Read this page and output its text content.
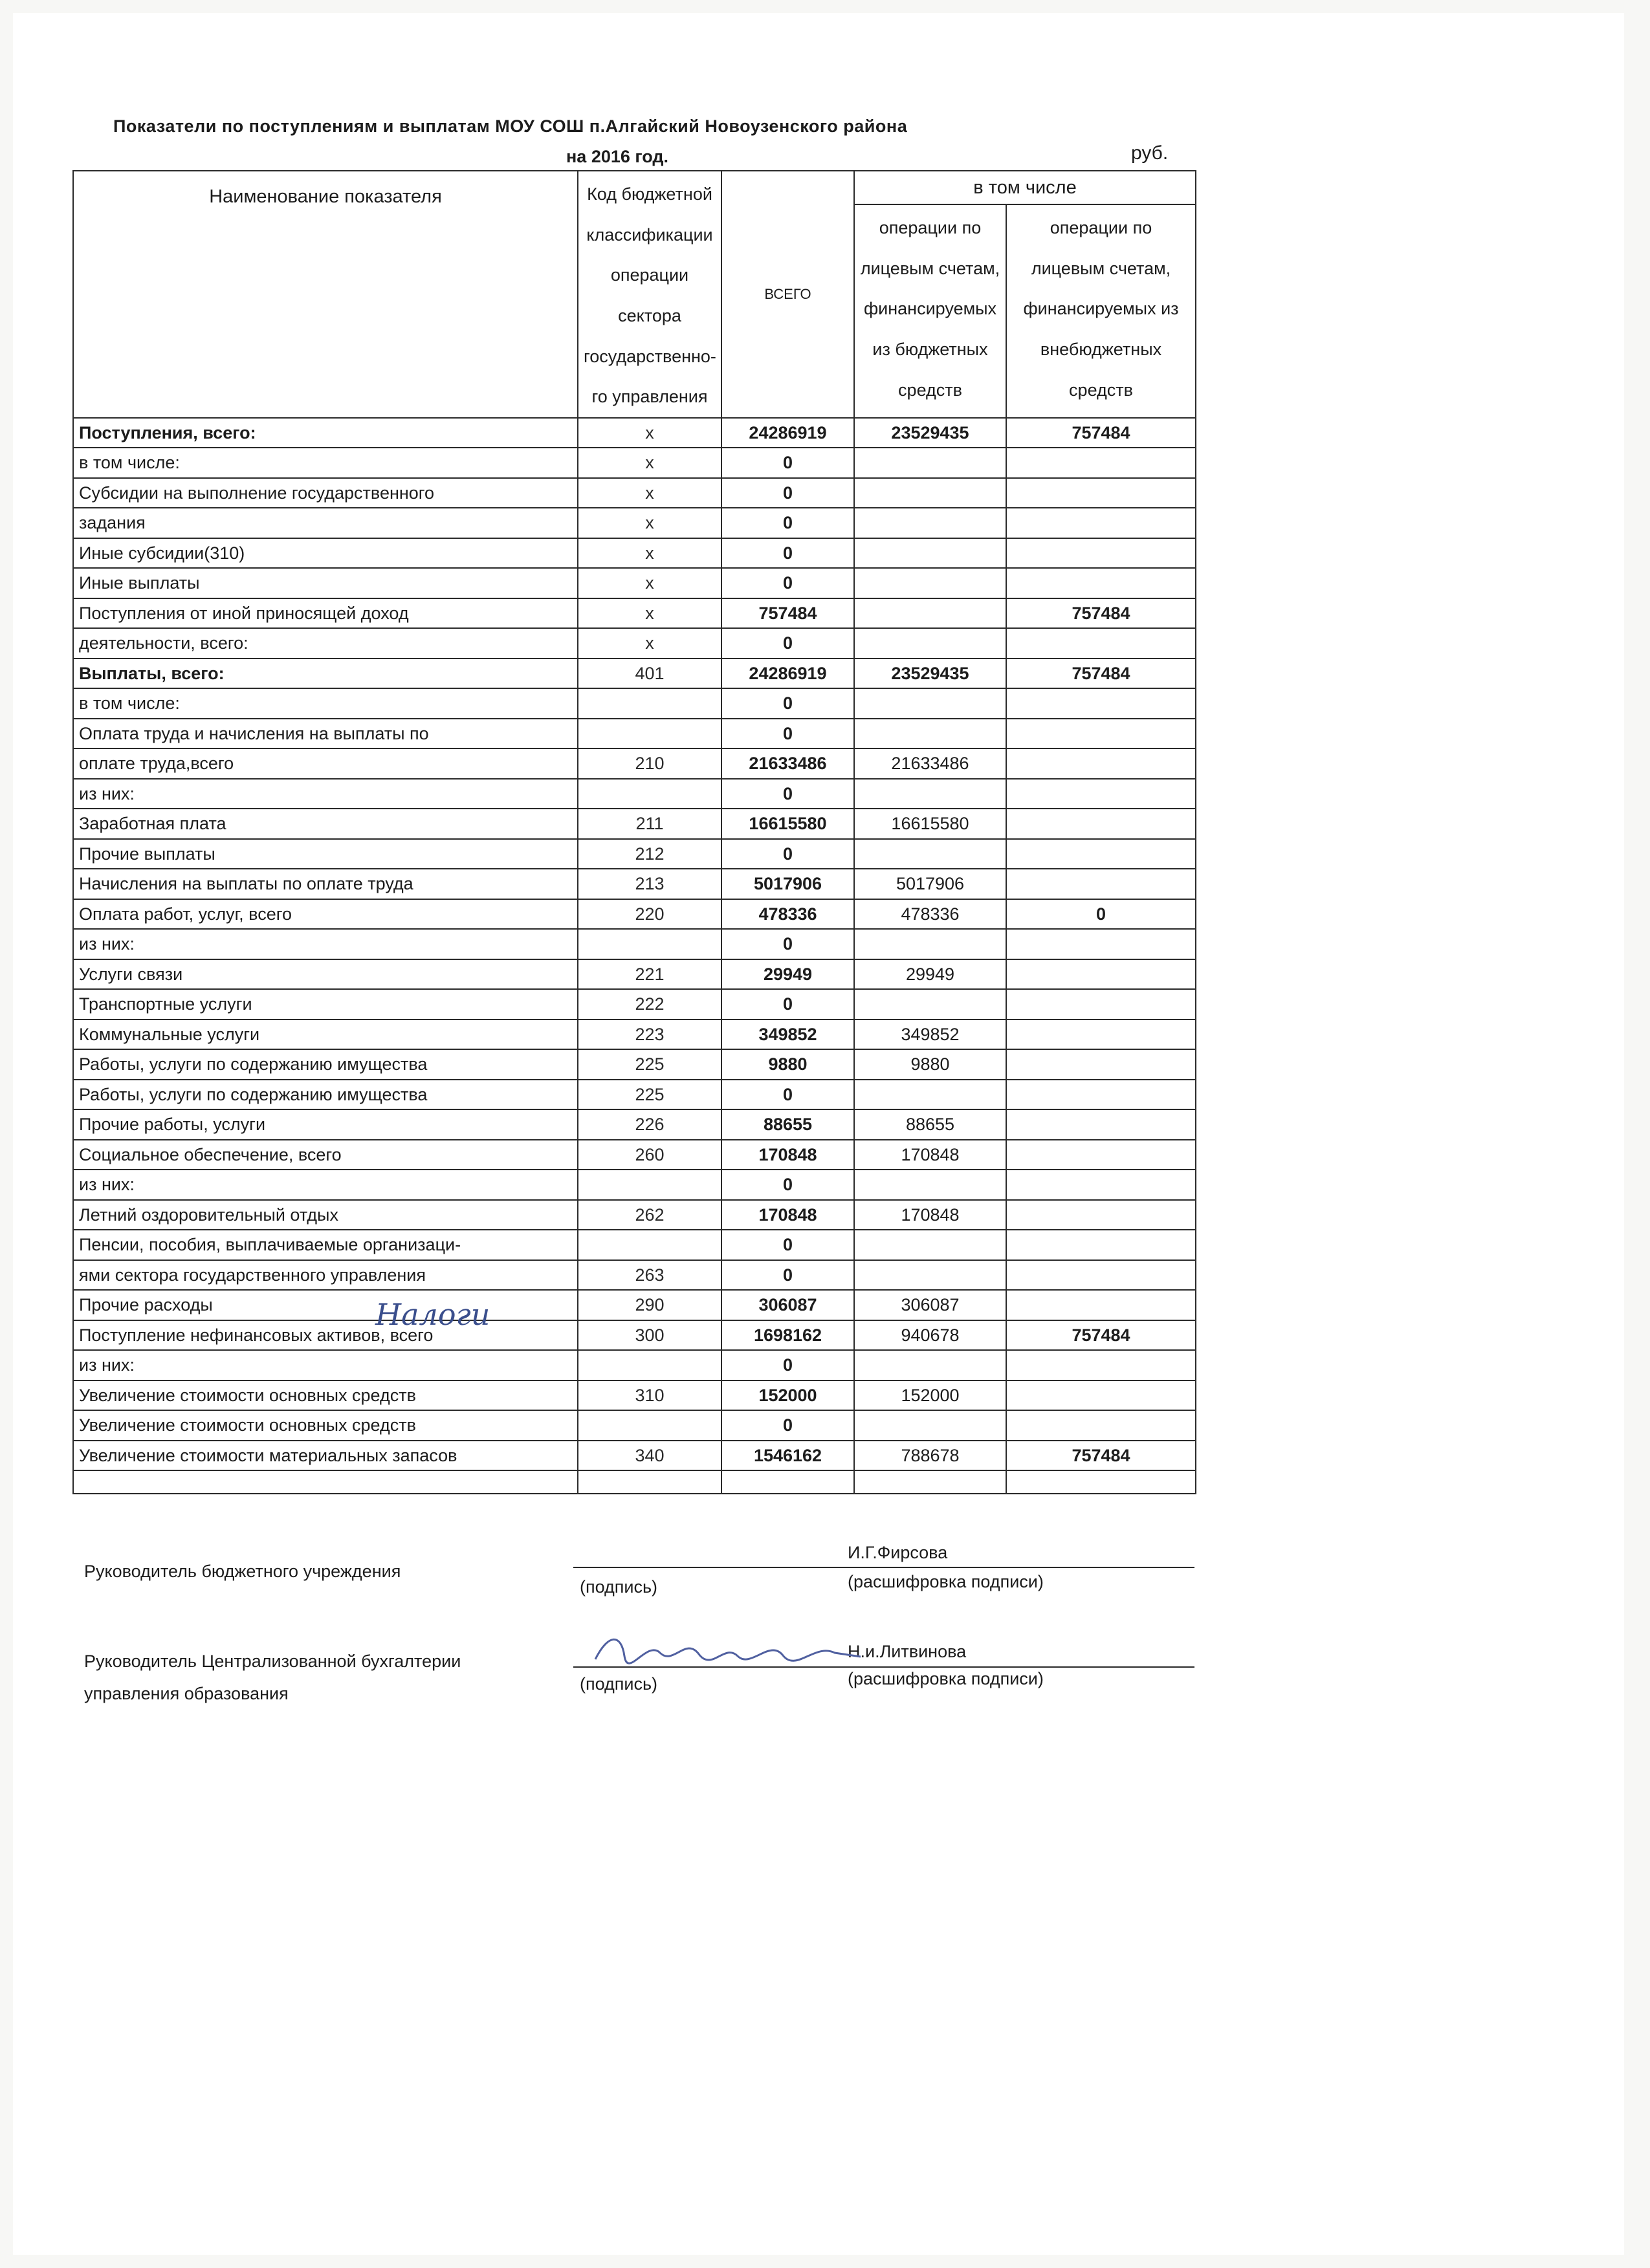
Показатели по поступлениям и выплатам МОУ СОШ п.Алгайский Новоузенского района
на 2016 год.	руб.
Наименование показателя	Код бюджетной классификации операции сектора государственно-го управления	ВСЕГО	в том числе	
			операции по лицевым счетам, финансируемых из бюджетных средств	операции по лицевым счетам, финансируемых из внебюджетных средств
Поступления, всего:	x	24286919	23529435	757484
в том числе:	x	0		
Субсидии на выполнение государственного	x	0		
задания	x	0		
Иные субсидии(310)	x	0		
Иные выплаты	x	0		
Поступления от иной приносящей доход	x	757484		757484
деятельности, всего:	x	0		
Выплаты, всего:	401	24286919	23529435	757484
в том числе:		0		
Оплата труда и начисления на выплаты по		0		
оплате труда,всего	210	21633486	21633486	
из них:		0		
Заработная плата	211	16615580	16615580	
Прочие выплаты	212	0		
Начисления на выплаты по оплате труда	213	5017906	5017906	
Оплата работ, услуг, всего	220	478336	478336	0
из них:		0		
Услуги связи	221	29949	29949	
Транспортные услуги	222	0		
Коммунальные услуги	223	349852	349852	
Работы, услуги по содержанию имущества	225	9880	9880	
Работы, услуги по содержанию имущества	225	0		
Прочие работы, услуги	226	88655	88655	
Социальное обеспечение, всего	260	170848	170848	
из них:		0		
Летний оздоровительный отдых	262	170848	170848	
Пенсии, пособия, выплачиваемые организаци-		0		
ями сектора государственного управления	263	0		
Прочие расходы	290	306087	306087	
Поступление нефинансовых активов, всего	300	1698162	940678	757484
из них:		0		
Увеличение стоимости основных средств	310	152000	152000	
Увеличение стоимости основных средств		0		
Увеличение стоимости материальных запасов	340	1546162	788678	757484

Налоги
Руководитель бюджетного учреждения
И.Г.Фирсова
(подпись)	(расшифровка подписи)
Руководитель Централизованной бухгалтерии
управления образования
Н.и.Литвинова
(подпись)	(расшифровка подписи)
